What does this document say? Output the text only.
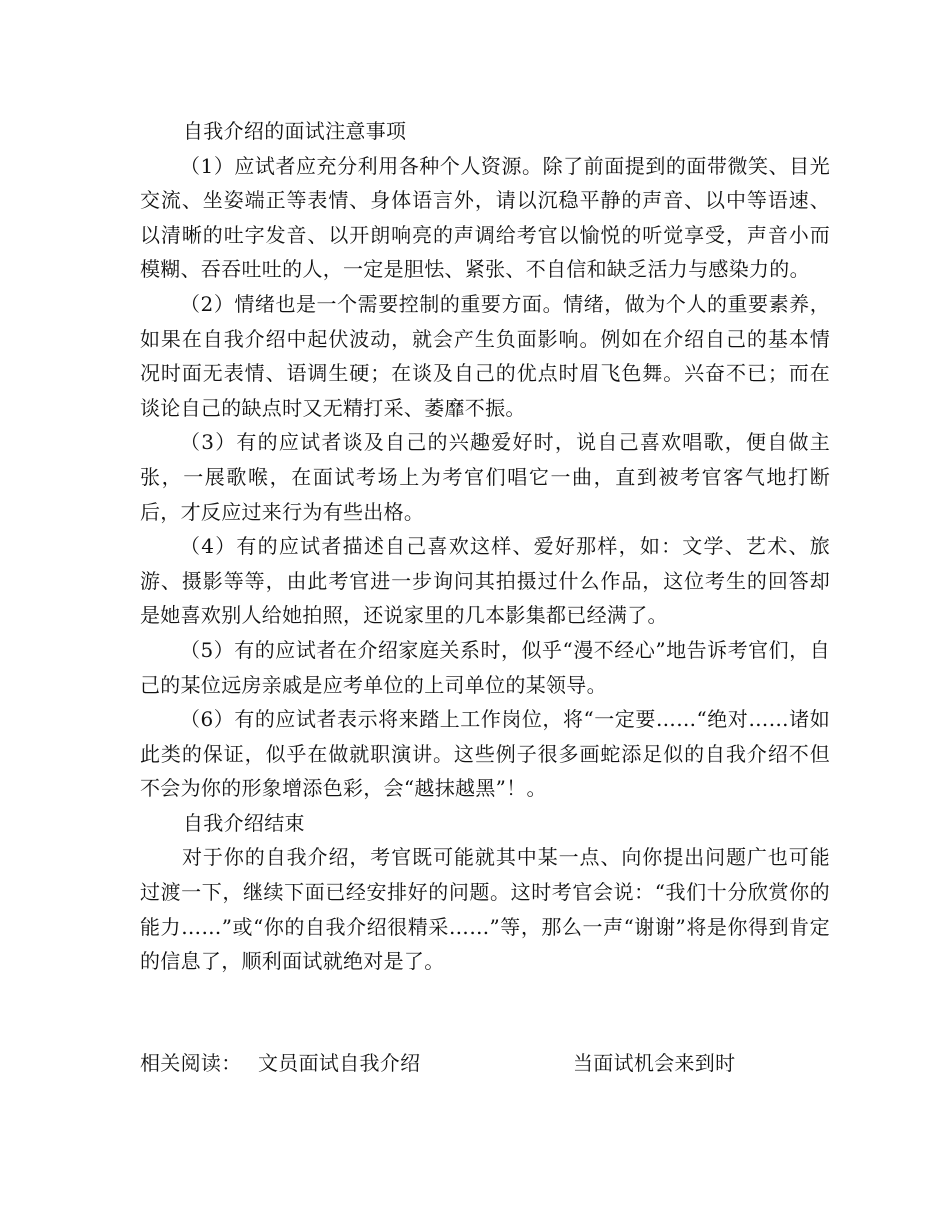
自我介绍的面试注意事项

（1）应试者应充分利用各种个人资源。除了前面提到的面带微笑、目光交流、坐姿端正等表情、身体语言外，请以沉稳平静的声音、以中等语速、以清晰的吐字发音、以开朗响亮的声调给考官以愉悦的听觉享受，声音小而模糊、吞吞吐吐的人，一定是胆怯、紧张、不自信和缺乏活力与感染力的。

（2）情绪也是一个需要控制的重要方面。情绪，做为个人的重要素养，如果在自我介绍中起伏波动，就会产生负面影响。例如在介绍自己的基本情况时面无表情、语调生硬；在谈及自己的优点时眉飞色舞。兴奋不已；而在谈论自己的缺点时又无精打采、萎靡不振。

（3）有的应试者谈及自己的兴趣爱好时，说自己喜欢唱歌，便自做主张，一展歌喉，在面试考场上为考官们唱它一曲，直到被考官客气地打断后，才反应过来行为有些出格。

（4）有的应试者描述自己喜欢这样、爱好那样，如：文学、艺术、旅游、摄影等等，由此考官进一步询问其拍摄过什么作品，这位考生的回答却是她喜欢别人给她拍照，还说家里的几本影集都已经满了。

（5）有的应试者在介绍家庭关系时，似乎“漫不经心”地告诉考官们，自己的某位远房亲戚是应考单位的上司单位的某领导。

（6）有的应试者表示将来踏上工作岗位，将“一定要……“绝对……诸如此类的保证，似乎在做就职演讲。这些例子很多画蛇添足似的自我介绍不但不会为你的形象增添色彩，会“越抹越黑”！。

自我介绍结束

对于你的自我介绍，考官既可能就其中某一点、向你提出问题广也可能过渡一下，继续下面已经安排好的问题。这时考官会说：“我们十分欣赏你的能力……”或“你的自我介绍很精采……”等，那么一声“谢谢”将是你得到肯定的信息了，顺利面试就绝对是了。

相关阅读： 文员面试自我介绍	当面试机会来到时
